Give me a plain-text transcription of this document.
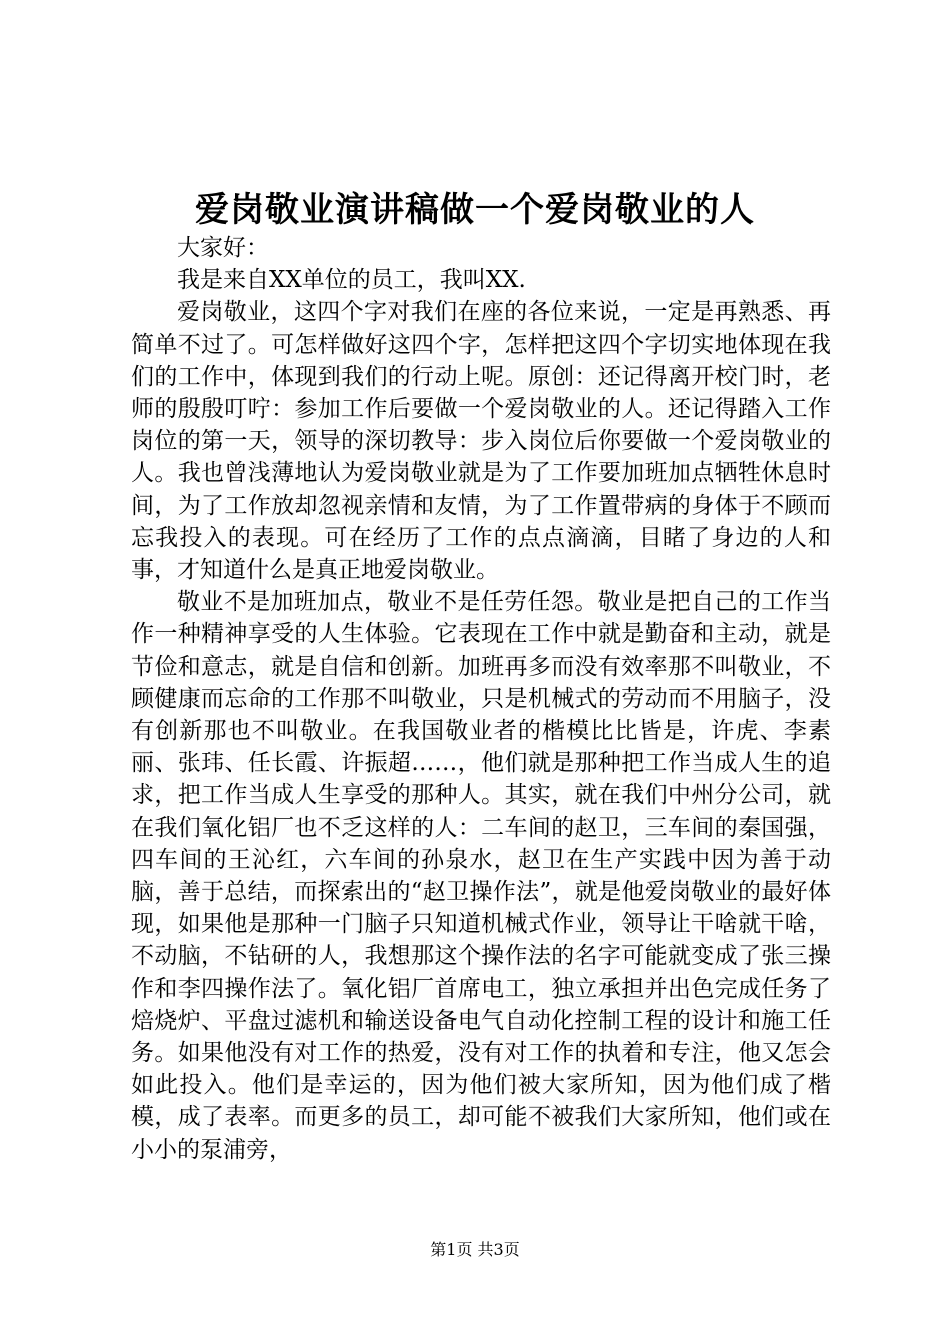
爱岗敬业演讲稿做一个爱岗敬业的人

大家好：

我是来自XX单位的员工，我叫XX.

爱岗敬业，这四个字对我们在座的各位来说，一定是再熟悉、再简单不过了。可怎样做好这四个字，怎样把这四个字切实地体现在我们的工作中，体现到我们的行动上呢。原创：还记得离开校门时，老师的殷殷叮咛：参加工作后要做一个爱岗敬业的人。还记得踏入工作岗位的第一天，领导的深切教导：步入岗位后你要做一个爱岗敬业的人。我也曾浅薄地认为爱岗敬业就是为了工作要加班加点牺牲休息时间，为了工作放却忽视亲情和友情，为了工作置带病的身体于不顾而忘我投入的表现。可在经历了工作的点点滴滴，目睹了身边的人和事，才知道什么是真正地爱岗敬业。

敬业不是加班加点，敬业不是任劳任怨。敬业是把自己的工作当作一种精神享受的人生体验。它表现在工作中就是勤奋和主动，就是节俭和意志，就是自信和创新。加班再多而没有效率那不叫敬业，不顾健康而忘命的工作那不叫敬业，只是机械式的劳动而不用脑子，没有创新那也不叫敬业。在我国敬业者的楷模比比皆是，许虎、李素丽、张玮、任长霞、许振超……，他们就是那种把工作当成人生的追求，把工作当成人生享受的那种人。其实，就在我们中州分公司，就在我们氧化铝厂也不乏这样的人：二车间的赵卫，三车间的秦国强，四车间的王沁红，六车间的孙泉水，赵卫在生产实践中因为善于动脑，善于总结，而探索出的“赵卫操作法”，就是他爱岗敬业的最好体现，如果他是那种一门脑子只知道机械式作业，领导让干啥就干啥，不动脑，不钻研的人，我想那这个操作法的名字可能就变成了张三操作和李四操作法了。氧化铝厂首席电工，独立承担并出色完成任务了焙烧炉、平盘过滤机和输送设备电气自动化控制工程的设计和施工任务。如果他没有对工作的热爱，没有对工作的执着和专注，他又怎会如此投入。他们是幸运的，因为他们被大家所知，因为他们成了楷模，成了表率。而更多的员工，却可能不被我们大家所知，他们或在小小的泵浦旁，

第1页 共3页
